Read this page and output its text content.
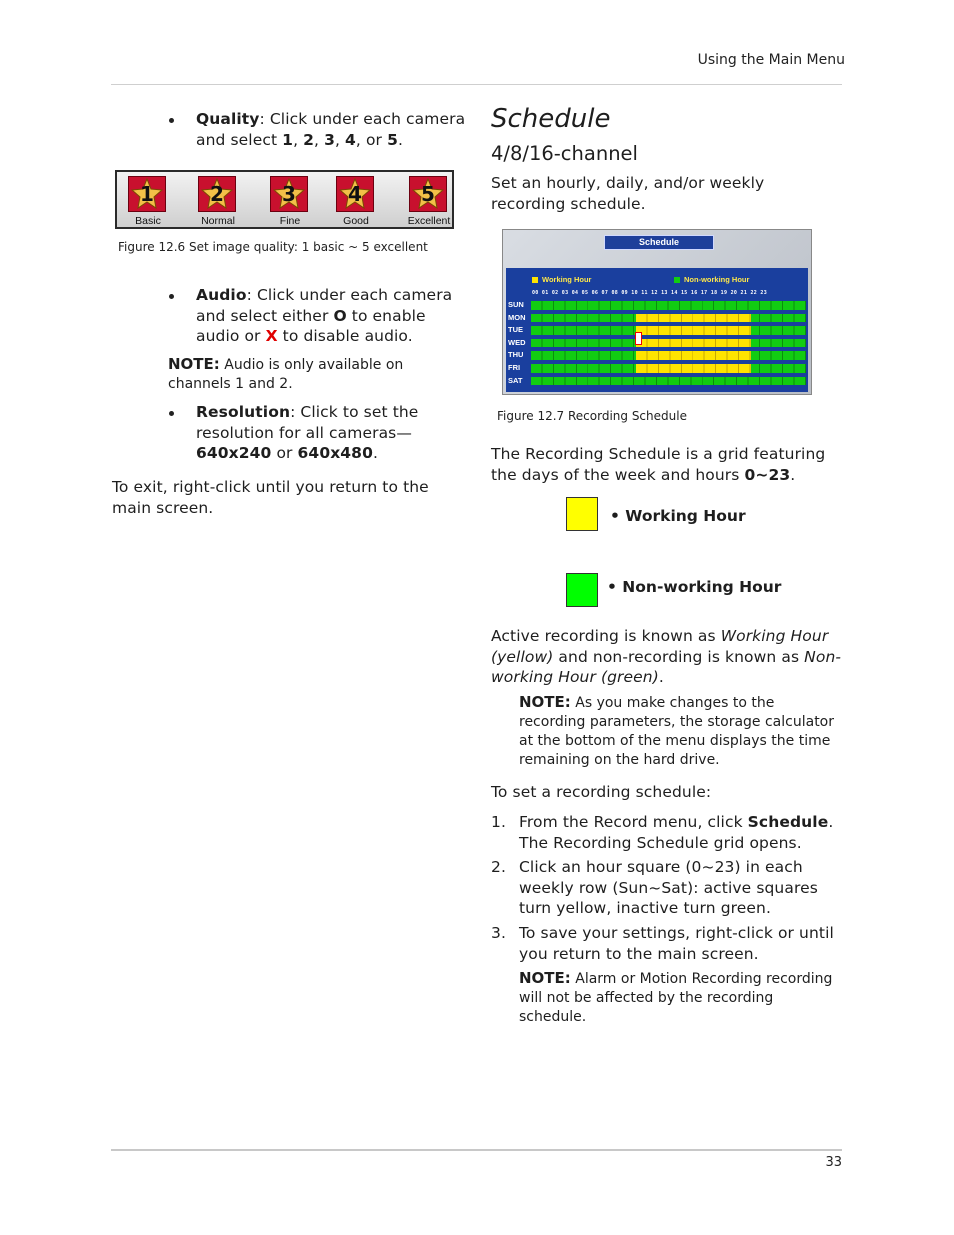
Using the Main Menu
33
Quality: Click under each camera and select 1, 2, 3, 4, or 5.
1
Basic
2
Normal
3
Fine
4
Good
5
Excellent
Figure 12.6 Set image quality: 1 basic ~ 5 excellent
Audio: Click under each camera and select either O to enable audio or X to disable audio.
NOTE: Audio is only available on channels 1 and 2.
Resolution: Click to set the resolution for all cameras—640x240 or 640x480.
To exit, right-click until you return to the main screen.
Schedule
4/8/16-channel
Set an hourly, daily, and/or weekly recording schedule.
Schedule
Working Hour	Non-working Hour
00 01 02 03 04 05 06 07 08 09 10 11 12 13 14 15 16 17 18 19 20 21 22 23
SUN
MON
TUE
WED
THU
FRI
SAT
Figure 12.7 Recording Schedule
The Recording Schedule is a grid featuring the days of the week and hours 0~23.
• Working Hour
• Non-working Hour
Active recording is known as Working Hour (yellow) and non-recording is known as Non-working Hour (green).
NOTE: As you make changes to the recording parameters, the storage calculator at the bottom of the menu displays the time remaining on the hard drive.
To set a recording schedule:
1. From the Record menu, click Schedule. The Recording Schedule grid opens.
2. Click an hour square (0~23) in each weekly row (Sun~Sat): active squares turn yellow, inactive turn green.
3. To save your settings, right-click or until you return to the main screen.
NOTE: Alarm or Motion Recording recording will not be affected by the recording schedule.
